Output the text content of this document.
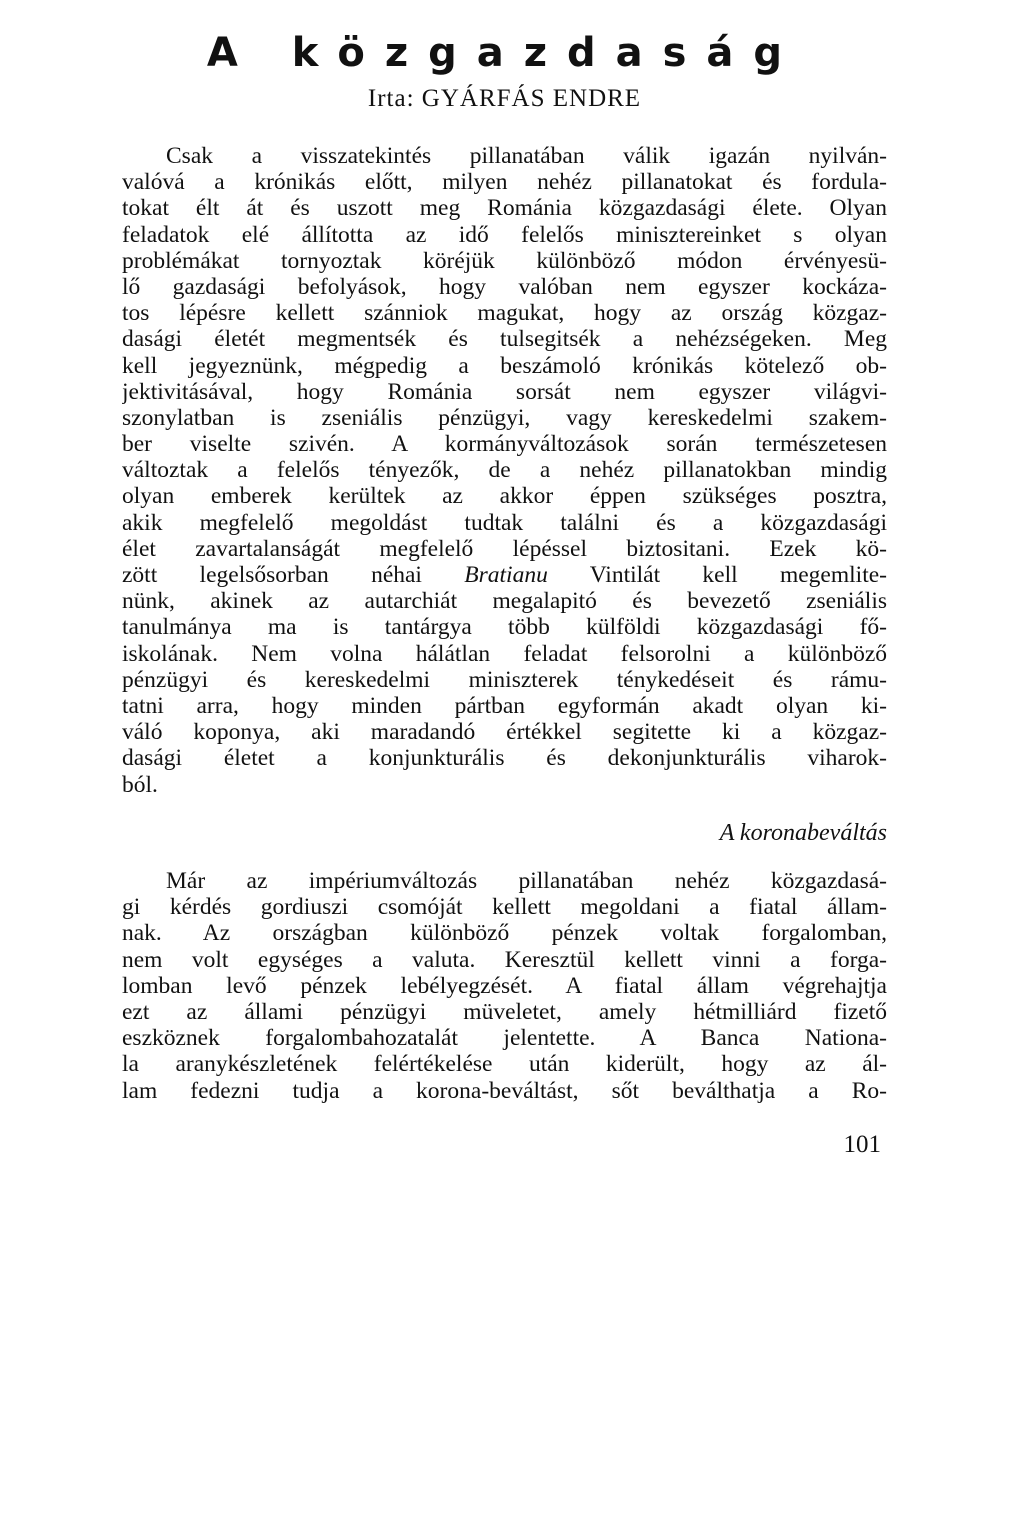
A közgazdaság
Irta: GYÁRFÁS ENDRE
Csak a visszatekintés pillanatában válik igazán nyilván-
valóvá a krónikás előtt, milyen nehéz pillanatokat és fordula-
tokat élt át és uszott meg Románia közgazdasági élete. Olyan
feladatok elé állította az idő felelős minisztereinket s olyan
problémákat tornyoztak köréjük különböző módon érvényesü-
lő gazdasági befolyások, hogy valóban nem egyszer kockáza-
tos lépésre kellett szánniok magukat, hogy az ország közgaz-
dasági életét megmentsék és tulsegitsék a nehézségeken. Meg
kell jegyeznünk, mégpedig a beszámoló krónikás kötelező ob-
jektivitásával, hogy Románia sorsát nem egyszer világvi-
szonylatban is zseniális pénzügyi, vagy kereskedelmi szakem-
ber viselte szivén. A kormányváltozások során természetesen
változtak a felelős tényezők, de a nehéz pillanatokban mindig
olyan emberek kerültek az akkor éppen szükséges posztra,
akik megfelelő megoldást tudtak találni és a közgazdasági
élet zavartalanságát megfelelő lépéssel biztositani. Ezek kö-
zött legelsősorban néhai Bratianu Vintilát kell megemlite-
nünk, akinek az autarchiát megalapitó és bevezető zseniális
tanulmánya ma is tantárgya több külföldi közgazdasági fő-
iskolának. Nem volna hálátlan feladat felsorolni a különböző
pénzügyi és kereskedelmi miniszterek ténykedéseit és rámu-
tatni arra, hogy minden pártban egyformán akadt olyan ki-
váló koponya, aki maradandó értékkel segitette ki a közgaz-
dasági életet a konjunkturális és dekonjunkturális viharok-
ból.
A koronabeváltás
Már az impériumváltozás pillanatában nehéz közgazdasá-
gi kérdés gordiuszi csomóját kellett megoldani a fiatal állam-
nak. Az országban különböző pénzek voltak forgalomban,
nem volt egységes a valuta. Keresztül kellett vinni a forga-
lomban levő pénzek lebélyegzését. A fiatal állam végrehajtja
ezt az állami pénzügyi müveletet, amely hétmilliárd fizető
eszköznek forgalombahozatalát jelentette. A Banca Nationa-
la aranykészletének felértékelése után kiderült, hogy az ál-
lam fedezni tudja a korona-beváltást, sőt beválthatja a Ro-
101
